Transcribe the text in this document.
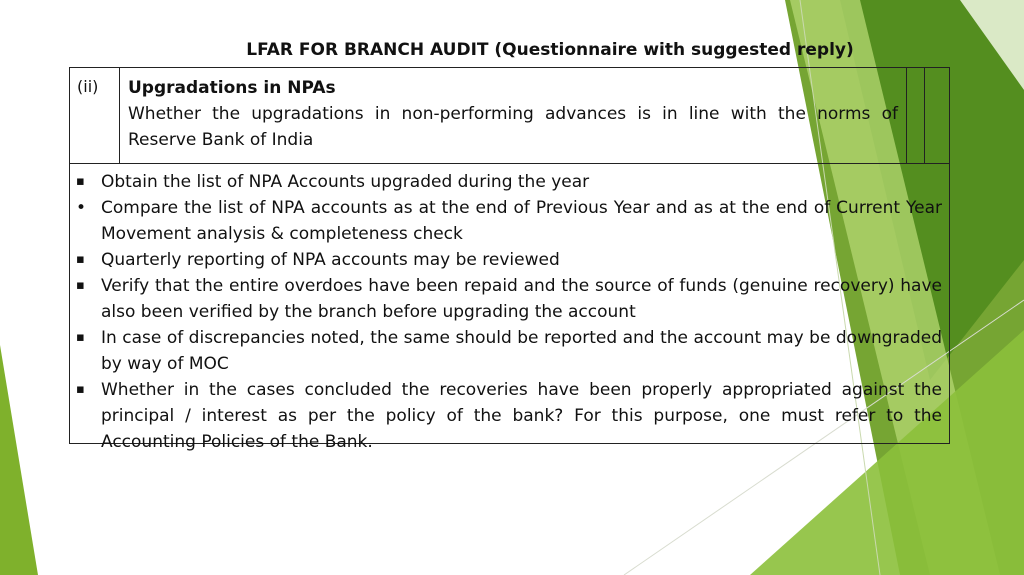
LFAR FOR BRANCH AUDIT (Questionnaire with suggested reply)
(ii)	Upgradations in NPAs
Whether the upgradations in non-performing advances is in line with the norms of Reserve Bank of India
▪ Obtain the list of NPA Accounts upgraded during the year
• Compare the list of NPA accounts as at the end of Previous Year and as at the end of Current Year Movement analysis & completeness check
▪ Quarterly reporting of NPA accounts may be reviewed
▪ Verify that the entire overdoes have been repaid and the source of funds (genuine recovery) have also been verified by the branch before upgrading the account
▪ In case of discrepancies noted, the same should be reported and the account may be downgraded by way of MOC
▪ Whether in the cases concluded the recoveries have been properly appropriated against the principal / interest as per the policy of the bank? For this purpose, one must refer to the Accounting Policies of the Bank.
